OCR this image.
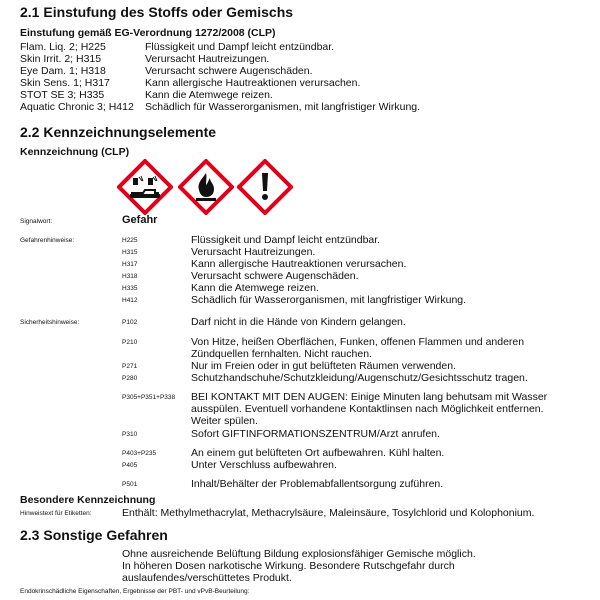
2.1 Einstufung des Stoffs oder Gemischs
Einstufung gemäß EG-Verordnung 1272/2008 (CLP)
Flam. Liq. 2; H225	Flüssigkeit und Dampf leicht entzündbar.
Skin Irrit. 2; H315	Verursacht Hautreizungen.
Eye Dam. 1; H318	Verursacht schwere Augenschäden.
Skin Sens. 1; H317	Kann allergische Hautreaktionen verursachen.
STOT SE 3; H335	Kann die Atemwege reizen.
Aquatic Chronic 3; H412 Schädlich für Wasserorganismen, mit langfristiger Wirkung.
2.2 Kennzeichnungselemente
Kennzeichnung (CLP)
Signalwort:	Gefahr
Gefahrenhinweise:	H225	Flüssigkeit und Dampf leicht entzündbar.
H315	Verursacht Hautreizungen.
H317	Kann allergische Hautreaktionen verursachen.
H318	Verursacht schwere Augenschäden.
H335	Kann die Atemwege reizen.
H412	Schädlich für Wasserorganismen, mit langfristiger Wirkung.
Sicherheitshinweise:	P102	Darf nicht in die Hände von Kindern gelangen.
P210	Von Hitze, heißen Oberflächen, Funken, offenen Flammen und anderen
Zündquellen fernhalten. Nicht rauchen.
P271	Nur im Freien oder in gut belüfteten Räumen verwenden.
P280	Schutzhandschuhe/Schutzkleidung/Augenschutz/Gesichtsschutz tragen.
P305+P351+P338 BEI KONTAKT MIT DEN AUGEN: Einige Minuten lang behutsam mit Wasser
ausspülen. Eventuell vorhandene Kontaktlinsen nach Möglichkeit entfernen.
Weiter spülen.
P310	Sofort GIFTINFORMATIONSZENTRUM/Arzt anrufen.
P403+P235	An einem gut belüfteten Ort aufbewahren. Kühl halten.
P405	Unter Verschluss aufbewahren.
P501	Inhalt/Behälter der Problemabfallentsorgung zuführen.
Besondere Kennzeichnung
Hinweistext für Etiketten:	Enthält: Methylmethacrylat, Methacrylsäure, Maleinsäure, Tosylchlorid und Kolophonium.
2.3 Sonstige Gefahren
Ohne ausreichende Belüftung Bildung explosionsfähiger Gemische möglich.
In höheren Dosen narkotische Wirkung. Besondere Rutschgefahr durch
auslaufendes/verschüttetes Produkt.
Endokrinschädliche Eigenschaften, Ergebnisse der PBT- und vPvB-Beurteilung:
